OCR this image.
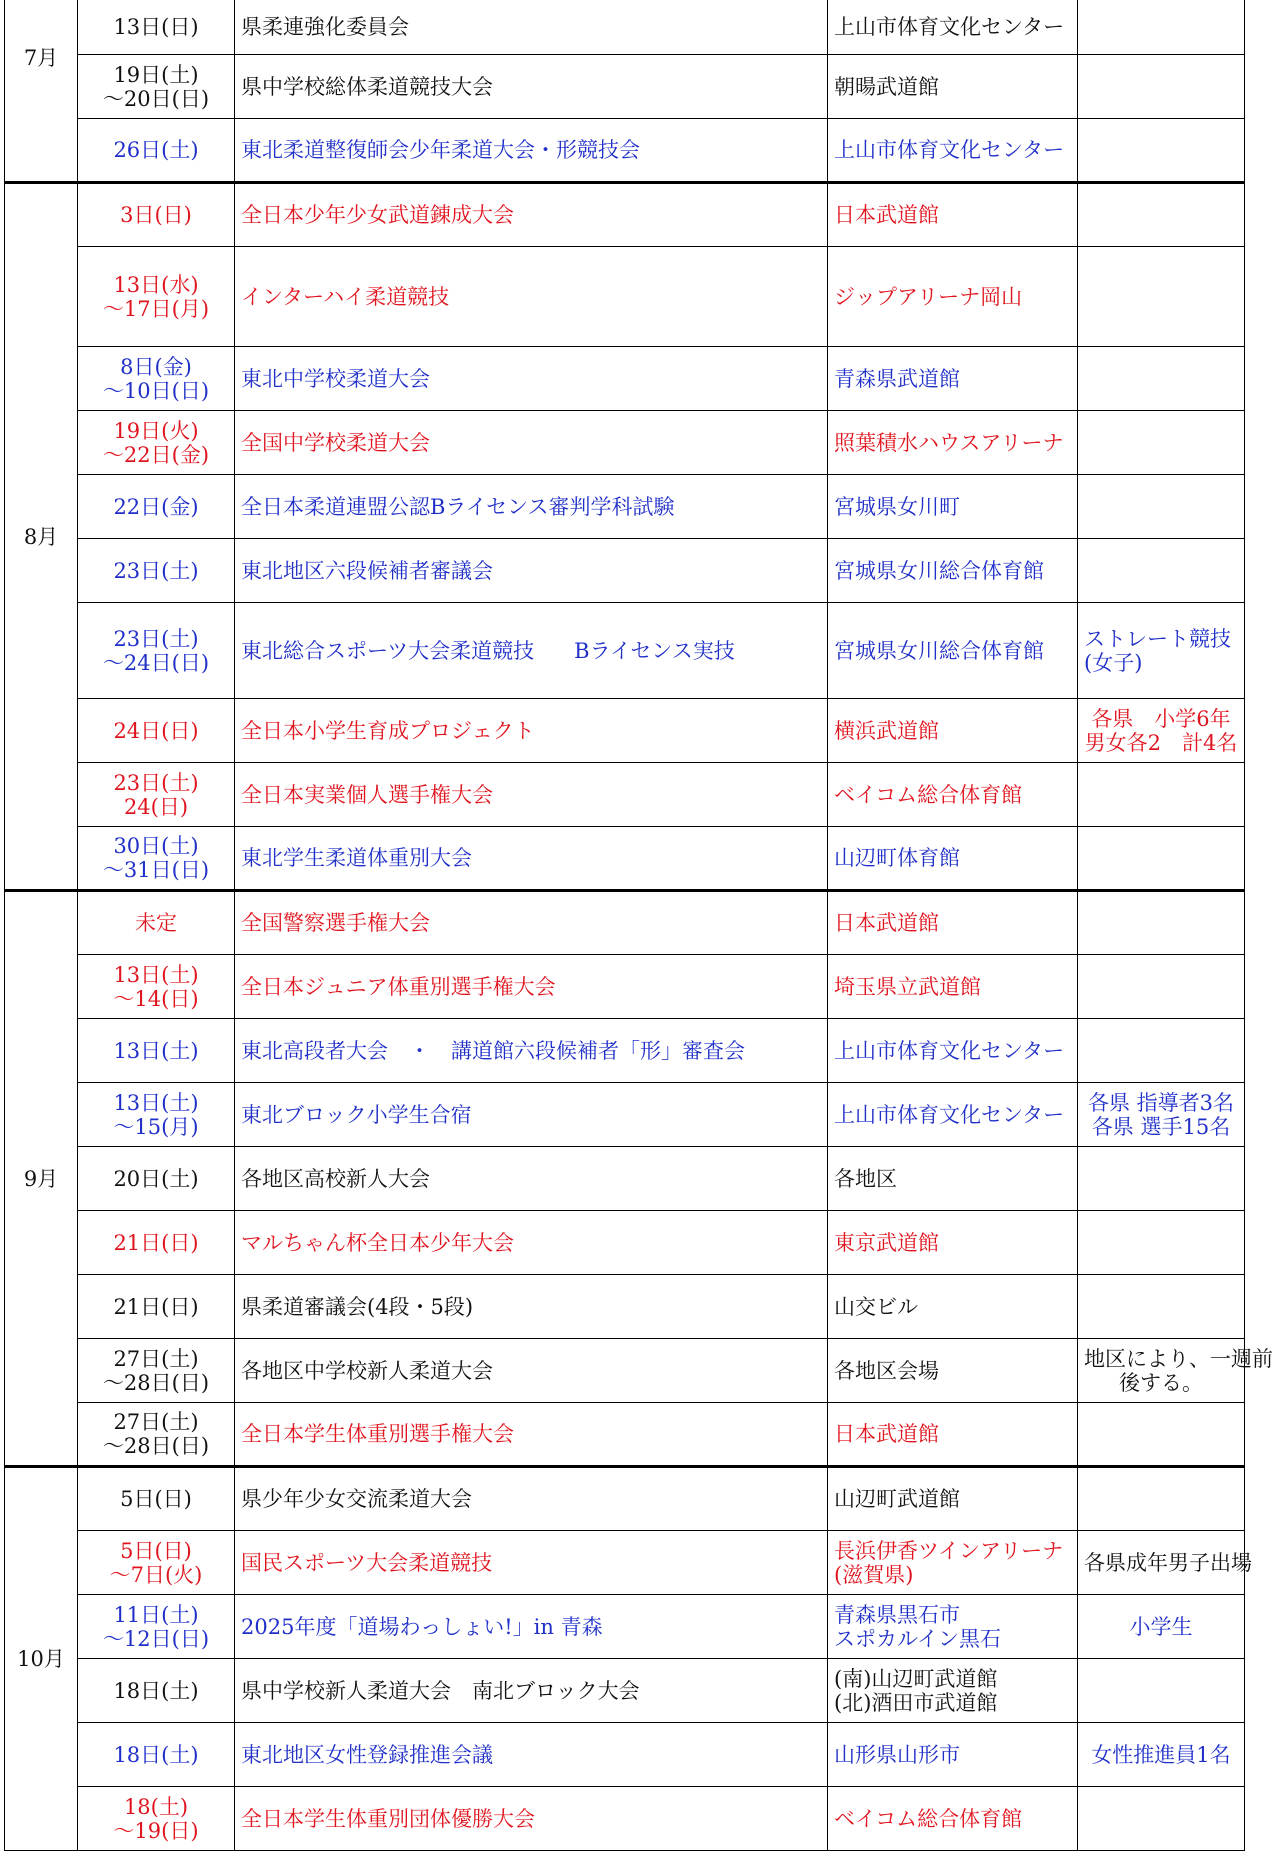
7月	13日(日)	県柔連強化委員会	上山市体育文化センター	

	19日(土)
～20日(日)	県中学校総体柔道競技大会	朝暘武道館	

	26日(土)	東北柔道整復師会少年柔道大会・形競技会	上山市体育文化センター	

8月	3日(日)	全日本少年少女武道錬成大会	日本武道館	

	13日(水)
～17日(月)	インターハイ柔道競技	ジップアリーナ岡山	

	8日(金)
～10日(日)	東北中学校柔道大会	青森県武道館	

	19日(火)
～22日(金)	全国中学校柔道大会	照葉積水ハウスアリーナ	

	22日(金)	全日本柔道連盟公認Bライセンス審判学科試験	宮城県女川町	

	23日(土)	東北地区六段候補者審議会	宮城県女川総合体育館	

	23日(土)
～24日(日)	東北総合スポーツ大会柔道競技 Bライセンス実技	宮城県女川総合体育館	ストレート競技
(女子)

	24日(日)	全日本小学生育成プロジェクト	横浜武道館	各県　小学6年
男女各2　計4名

	23日(土)
24(日)	全日本実業個人選手権大会	ベイコム総合体育館	

	30日(土)
～31日(日)	東北学生柔道体重別大会	山辺町体育館	

9月	未定	全国警察選手権大会	日本武道館	

	13日(土)
～14(日)	全日本ジュニア体重別選手権大会	埼玉県立武道館	

	13日(土)	東北高段者大会　・　講道館六段候補者「形」審査会	上山市体育文化センター	

	13日(土)
～15(月)	東北ブロック小学生合宿	上山市体育文化センター	各県 指導者3名
各県 選手15名

	20日(土)	各地区高校新人大会	各地区	

	21日(日)	マルちゃん杯全日本少年大会	東京武道館	

	21日(日)	県柔道審議会(4段・5段)	山交ビル	

	27日(土)
～28日(日)	各地区中学校新人柔道大会	各地区会場	地区により、一週前
後する。

	27日(土)
～28日(日)	全日本学生体重別選手権大会	日本武道館	

10月	5日(日)	県少年少女交流柔道大会	山辺町武道館	

	5日(日)
～7日(火)	国民スポーツ大会柔道競技	長浜伊香ツインアリーナ
(滋賀県)	各県成年男子出場

	11日(土)
～12日(日)	2025年度「道場わっしょい!」in 青森	青森県黒石市
スポカルイン黒石	小学生

	18日(土)	県中学校新人柔道大会　南北ブロック大会	(南)山辺町武道館
(北)酒田市武道館	

	18日(土)	東北地区女性登録推進会議	山形県山形市	女性推進員1名

	18(土)
～19(日)	全日本学生体重別団体優勝大会	ベイコム総合体育館	
